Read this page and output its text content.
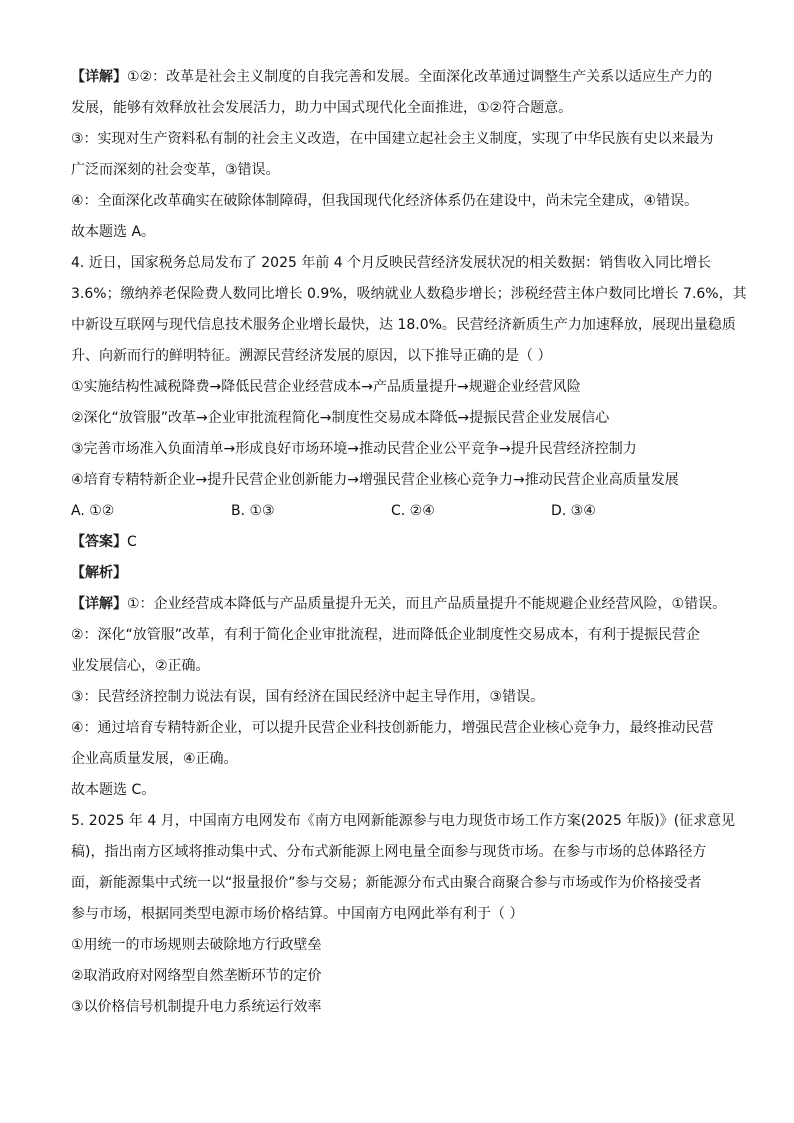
【详解】①②：改革是社会主义制度的自我完善和发展。全面深化改革通过调整生产关系以适应生产力的
发展，能够有效释放社会发展活力，助力中国式现代化全面推进，①②符合题意。
③：实现对生产资料私有制的社会主义改造，在中国建立起社会主义制度，实现了中华民族有史以来最为
广泛而深刻的社会变革，③错误。
④：全面深化改革确实在破除体制障碍，但我国现代化经济体系仍在建设中，尚未完全建成，④错误。
故本题选 A。
4. 近日，国家税务总局发布了 2025 年前 4 个月反映民营经济发展状况的相关数据：销售收入同比增长
3.6%；缴纳养老保险费人数同比增长 0.9%，吸纳就业人数稳步增长；涉税经营主体户数同比增长 7.6%，其
中新设互联网与现代信息技术服务企业增长最快，达 18.0%。民营经济新质生产力加速释放，展现出量稳质
升、向新而行的鲜明特征。溯源民营经济发展的原因，以下推导正确的是（ ）
①实施结构性减税降费→降低民营企业经营成本→产品质量提升→规避企业经营风险
②深化“放管服”改革→企业审批流程简化→制度性交易成本降低→提振民营企业发展信心
③完善市场准入负面清单→形成良好市场环境→推动民营企业公平竞争→提升民营经济控制力
④培育专精特新企业→提升民营企业创新能力→增强民营企业核心竞争力→推动民营企业高质量发展
A. ①②	B. ①③	C. ②④	D. ③④
【答案】C
【解析】
【详解】①：企业经营成本降低与产品质量提升无关，而且产品质量提升不能规避企业经营风险，①错误。
②：深化“放管服”改革，有利于简化企业审批流程，进而降低企业制度性交易成本，有利于提振民营企
业发展信心，②正确。
③：民营经济控制力说法有误，国有经济在国民经济中起主导作用，③错误。
④：通过培育专精特新企业，可以提升民营企业科技创新能力，增强民营企业核心竞争力，最终推动民营
企业高质量发展，④正确。
故本题选 C。
5. 2025 年 4 月，中国南方电网发布《南方电网新能源参与电力现货市场工作方案(2025 年版)》(征求意见
稿)，指出南方区域将推动集中式、分布式新能源上网电量全面参与现货市场。在参与市场的总体路径方
面，新能源集中式统一以“报量报价”参与交易；新能源分布式由聚合商聚合参与市场或作为价格接受者
参与市场，根据同类型电源市场价格结算。中国南方电网此举有利于（ ）
①用统一的市场规则去破除地方行政壁垒
②取消政府对网络型自然垄断环节的定价
③以价格信号机制提升电力系统运行效率
